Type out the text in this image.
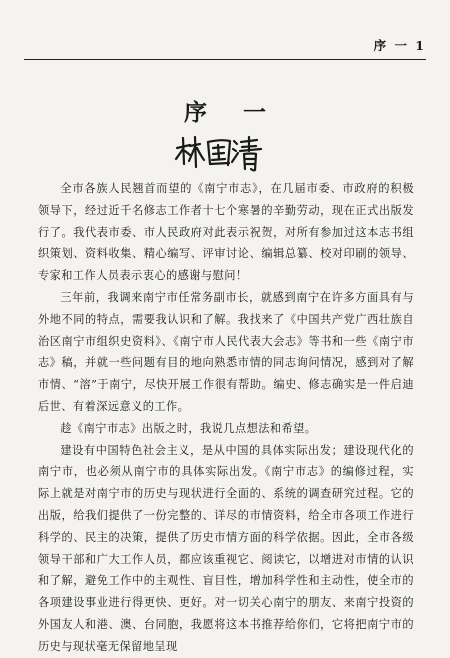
序 一 1
序 一

全市各族人民翘首而望的《南宁市志》，在几届市委、市政府的积极领导下，经过近千名修志工作者十七个寒暑的辛勤劳动，现在正式出版发行了。我代表市委、市人民政府对此表示祝贺，对所有参加过这本志书组织策划、资料收集、精心编写、评审讨论、编辑总纂、校对印刷的领导、专家和工作人员表示衷心的感谢与慰问！

三年前，我调来南宁市任常务副市长，就感到南宁在许多方面具有与外地不同的特点，需要我认识和了解。我找来了《中国共产党广西壮族自治区南宁市组织史资料》、《南宁市人民代表大会志》等书和一些《南宁市志》稿，并就一些问题有目的地向熟悉市情的同志询问情况，感到对了解市情、“溶”于南宁，尽快开展工作很有帮助。编史、修志确实是一件启迪后世、有着深远意义的工作。

趁《南宁市志》出版之时，我说几点想法和希望。

建设有中国特色社会主义，是从中国的具体实际出发；建设现代化的南宁市，也必须从南宁市的具体实际出发。《南宁市志》的编修过程，实际上就是对南宁市的历史与现状进行全面的、系统的调查研究过程。它的出版，给我们提供了一份完整的、详尽的市情资料，给全市各项工作进行科学的、民主的决策，提供了历史市情方面的科学依据。因此，全市各级领导干部和广大工作人员，都应该重视它、阅读它，以增进对市情的认识和了解，避免工作中的主观性、盲目性，增加科学性和主动性，使全市的各项建设事业进行得更快、更好。对一切关心南宁的朋友、来南宁投资的外国友人和港、澳、台同胞，我愿将这本书推荐给你们，它将把南宁市的历史与现状毫无保留地呈现
